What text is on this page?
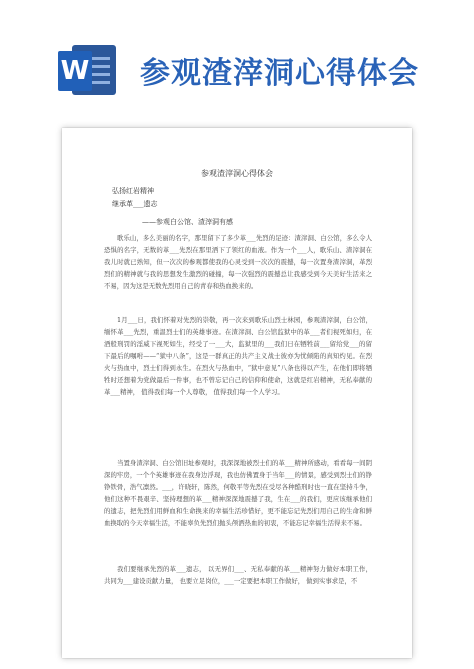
W 参观渣滓洞心得体会
参观渣滓洞心得体会
弘扬红岩精神
继承革___遗志
——参观白公馆、渣滓洞有感

歌乐山，多么美丽的名字，那里留下了多少革___先烈的足迹：渣滓洞、白公馆，多么令人恐惧的名字，无数的革___先烈在那里洒下了领红的血液。作为一个___人，歌乐山、渣滓洞在我儿时就已熟知，但一次次的参观都使我的心灵受到一次次的震撼，每一次置身渣滓洞，革烈烈们的精神就与我的思想发生激烈的碰撞，每一次强烈的震撼总让我感受到今天美好生活来之不易，因为这是无数先烈用自己的青春和热血换来的。

1月___日，我们怀着对先烈的崇敬，再一次来到歌乐山烈士林园，参观渣滓洞，白公馆，缅怀革___先烈，重温烈士们的英雄事迹。在渣滓洞、白公馆监狱中的革___者们视死如归，在酒般刑罚的淫威下视死如生，经受了一___大，监狱里的___我们日在牺牲前___留给党___的留下最后的嘱咐——“狱中八条”，这是一群真正的共产主义战士彼亦为忧倾陷的真知灼见。在烈火与热血中，烈士们得到永生。在烈火与热血中，“狱中意见”八条也得以产生，在他们即将牺牲时还想着为党做最后一件事，也不曾忘记自己的信仰和使命，这就是红岩精神，无私奉献的革___精神， 值得我们每一个人尊敬， 值得我们每一个人学习。

当置身渣滓洞、白公馆旧址参观时，我深深地被烈士们的革___精神所感动，看看每一间阴深的牢房，一个个英雄事迹在我身边浮现，我也仿佛置身于当年___的情景，感受到烈士们的铮铮铁骨，浩气凛然。___，许晓轩，陈然，何敬平等先烈在受尽各种酷刑时也一直在坚持斗争，他们这种不畏艰辛、坚持理想的革___精神深深地震撼了我，生在___的我们，更应该继承他们的遗志，把先烈们用鲜血和生命换来的幸福生活珍惜好，更不能忘记先烈们用自己的生命和鲜血换取的今天幸福生活，不能辜负先烈们抛头颅洒热血的初衷，不能忘记幸福生活得来不易。

我们要继承先烈的革___遗志， 以无界们___、无私奉献的革___精神努力做好本职工作， 共同为___建设贡献力量， 也要立足岗位，___一定要把本职工作做好， 做到实事求是，不
